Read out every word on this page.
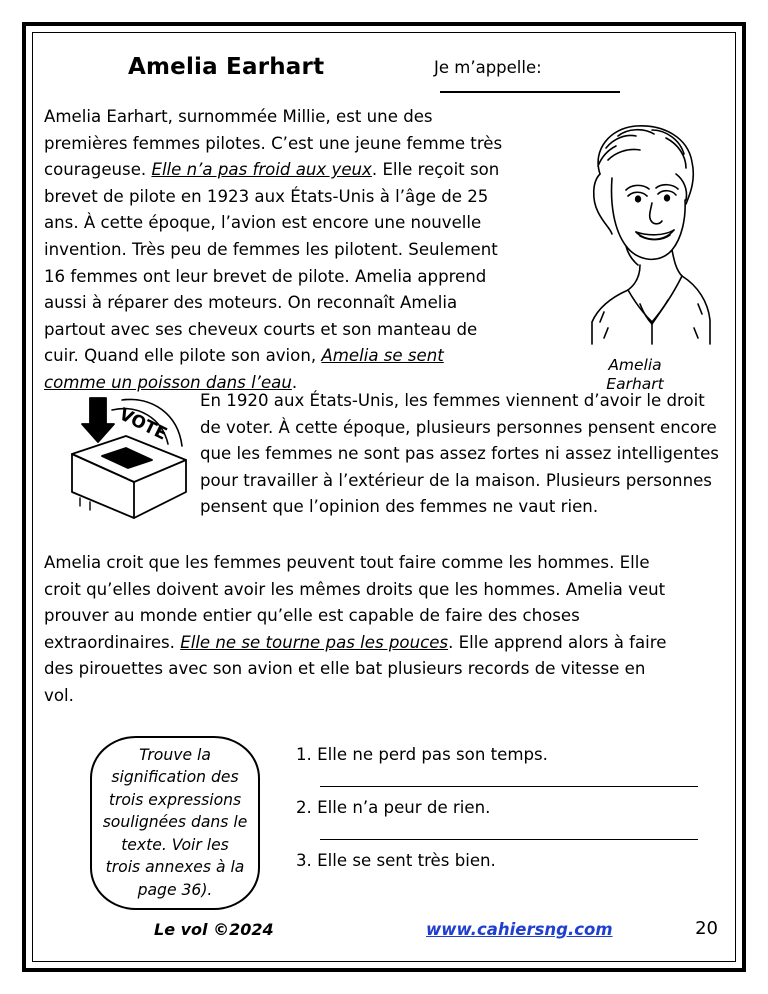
Amelia Earhart	Je m’appelle:
Amelia Earhart, surnommée Millie, est une des premières femmes pilotes. C’est une jeune femme très courageuse. Elle n’a pas froid aux yeux. Elle reçoit son brevet de pilote en 1923 aux États-Unis à l’âge de 25 ans. À cette époque, l’avion est encore une nouvelle invention. Très peu de femmes les pilotent. Seulement 16 femmes ont leur brevet de pilote. Amelia apprend aussi à réparer des moteurs. On reconnaît Amelia partout avec ses cheveux courts et son manteau de cuir. Quand elle pilote son avion, Amelia se sent comme un poisson dans l’eau.
Amelia
Earhart
VOTE
En 1920 aux États-Unis, les femmes viennent d’avoir le droit de voter. À cette époque, plusieurs personnes pensent encore que les femmes ne sont pas assez fortes ni assez intelligentes pour travailler à l’extérieur de la maison. Plusieurs personnes pensent que l’opinion des femmes ne vaut rien.
Amelia croit que les femmes peuvent tout faire comme les hommes. Elle croit qu’elles doivent avoir les mêmes droits que les hommes. Amelia veut prouver au monde entier qu’elle est capable de faire des choses extraordinaires. Elle ne se tourne pas les pouces. Elle apprend alors à faire des pirouettes avec son avion et elle bat plusieurs records de vitesse en vol.
Trouve la signification des trois expressions soulignées dans le texte. Voir les trois annexes à la page 36).
1. Elle ne perd pas son temps.
2. Elle n’a peur de rien.
3. Elle se sent très bien.
Le vol ©2024	www.cahiersng.com	20
